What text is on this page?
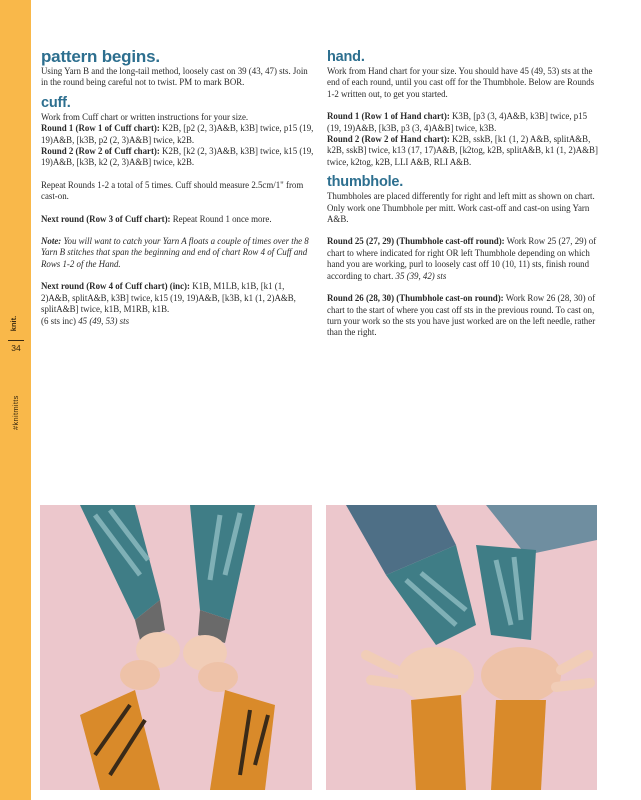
knit.
34
#knitmitts
pattern begins.

Using Yarn B and the long-tail method, loosely cast on 39 (43, 47) sts. Join in the round being careful not to twist. PM to mark BOR.

cuff.

Work from Cuff chart or written instructions for your size.

Round 1 (Row 1 of Cuff chart): K2B, [p2 (2, 3)A&B, k3B] twice, p15 (19, 19)A&B, [k3B, p2 (2, 3)A&B] twice, k2B.

Round 2 (Row 2 of Cuff chart): K2B, [k2 (2, 3)A&B, k3B] twice, k15 (19, 19)A&B, [k3B, k2 (2, 3)A&B] twice, k2B.

Repeat Rounds 1-2 a total of 5 times. Cuff should measure 2.5cm/1" from cast-on.

Next round (Row 3 of Cuff chart): Repeat Round 1 once more.

Note: You will want to catch your Yarn A floats a couple of times over the 8 Yarn B stitches that span the beginning and end of chart Row 4 of Cuff and Rows 1-2 of the Hand.

Next round (Row 4 of Cuff chart) (inc): K1B, M1LB, k1B, [k1 (1, 2)A&B, splitA&B, k3B] twice, k15 (19, 19)A&B, [k3B, k1 (1, 2)A&B, splitA&B] twice, k1B, M1RB, k1B.

(6 sts inc) 45 (49, 53) sts

hand.

Work from Hand chart for your size. You should have 45 (49, 53) sts at the end of each round, until you cast off for the Thumbhole. Below are Rounds 1-2 written out, to get you started.

Round 1 (Row 1 of Hand chart): K3B, [p3 (3, 4)A&B, k3B] twice, p15 (19, 19)A&B, [k3B, p3 (3, 4)A&B] twice, k3B.

Round 2 (Row 2 of Hand chart): K2B, sskB, [k1 (1, 2) A&B, splitA&B, k2B, sskB] twice, k13 (17, 17)A&B, [k2tog, k2B, splitA&B, k1 (1, 2)A&B] twice, k2tog, k2B, LLI A&B, RLI A&B.

thumbhole.

Thumbholes are placed differently for right and left mitt as shown on chart. Only work one Thumbhole per mitt. Work cast-off and cast-on using Yarn A&B.

Round 25 (27, 29) (Thumbhole cast-off round): Work Row 25 (27, 29) of chart to where indicated for right OR left Thumbhole depending on which hand you are working, purl to loosely cast off 10 (10, 11) sts, finish round according to chart. 35 (39, 42) sts

Round 26 (28, 30) (Thumbhole cast-on round): Work Row 26 (28, 30) of chart to the start of where you cast off sts in the previous round. To cast on, turn your work so the sts you have just worked are on the left needle, rather than the right.

PassionForum.ru
